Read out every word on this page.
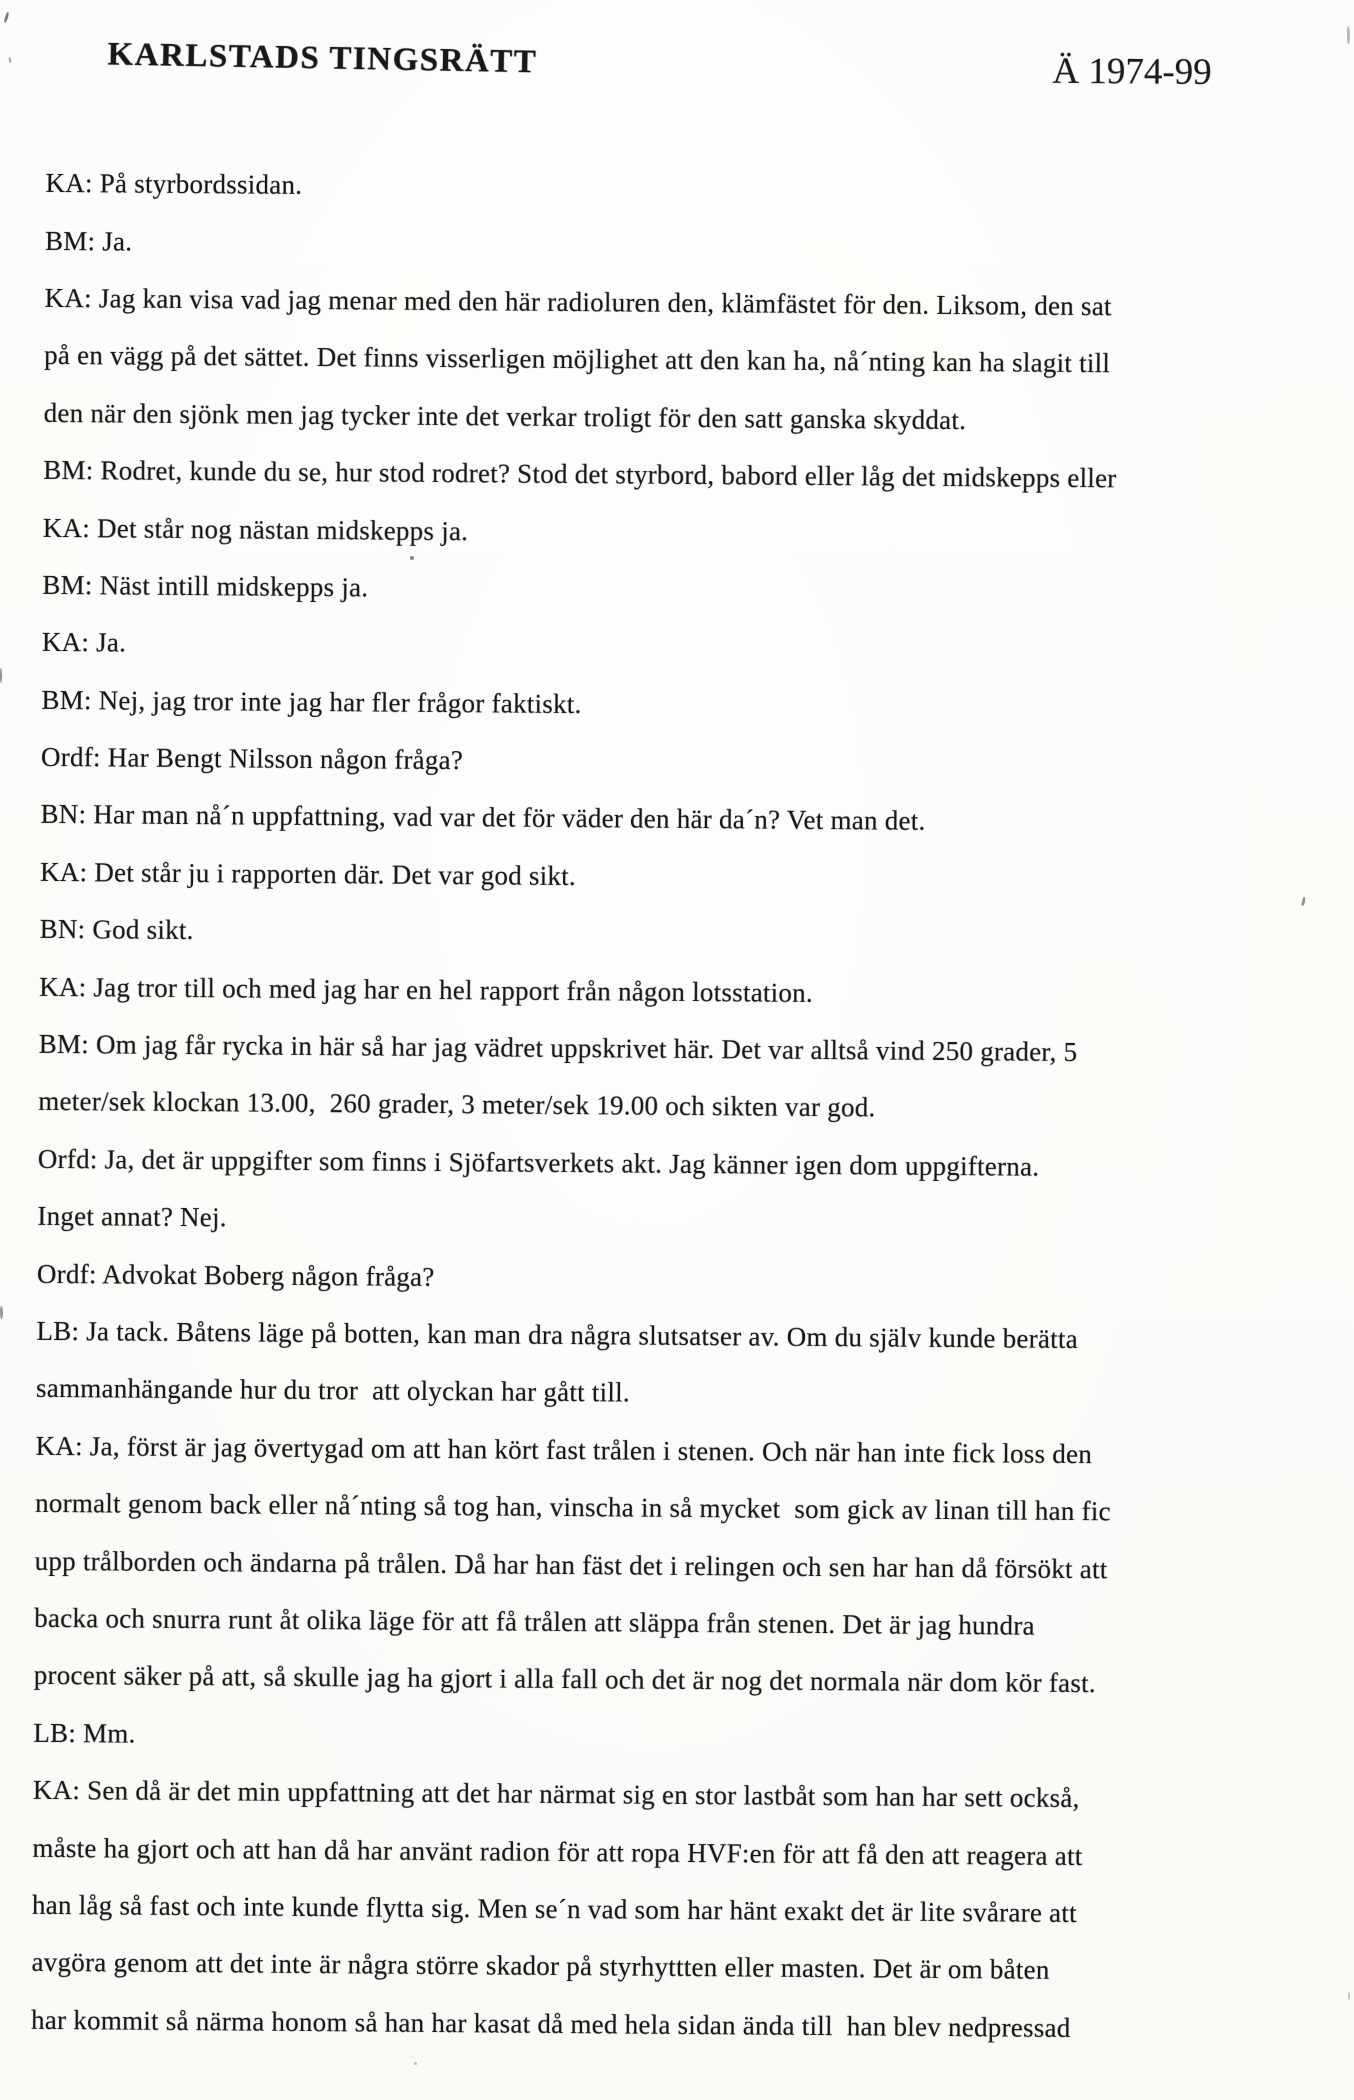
KARLSTADS TINGSRÄTT	Ä 1974-99
KA: På styrbordssidan.
BM: Ja.
KA: Jag kan visa vad jag menar med den här radioluren den, klämfästet för den. Liksom, den sat
på en vägg på det sättet. Det finns visserligen möjlighet att den kan ha, nå´nting kan ha slagit till
den när den sjönk men jag tycker inte det verkar troligt för den satt ganska skyddat.
BM: Rodret, kunde du se, hur stod rodret? Stod det styrbord, babord eller låg det midskepps eller
KA: Det står nog nästan midskepps ja.
BM: Näst intill midskepps ja.
KA: Ja.
BM: Nej, jag tror inte jag har fler frågor faktiskt.
Ordf: Har Bengt Nilsson någon fråga?
BN: Har man nå´n uppfattning, vad var det för väder den här da´n? Vet man det.
KA: Det står ju i rapporten där. Det var god sikt.
BN: God sikt.
KA: Jag tror till och med jag har en hel rapport från någon lotsstation.
BM: Om jag får rycka in här så har jag vädret uppskrivet här. Det var alltså vind 250 grader, 5
meter/sek klockan 13.00,  260 grader, 3 meter/sek 19.00 och sikten var god.
Orfd: Ja, det är uppgifter som finns i Sjöfartsverkets akt. Jag känner igen dom uppgifterna.
Inget annat? Nej.
Ordf: Advokat Boberg någon fråga?
LB: Ja tack. Båtens läge på botten, kan man dra några slutsatser av. Om du själv kunde berätta
sammanhängande hur du tror  att olyckan har gått till.
KA: Ja, först är jag övertygad om att han kört fast trålen i stenen. Och när han inte fick loss den
normalt genom back eller nå´nting så tog han, vinscha in så mycket  som gick av linan till han fic
upp trålborden och ändarna på trålen. Då har han fäst det i relingen och sen har han då försökt att
backa och snurra runt åt olika läge för att få trålen att släppa från stenen. Det är jag hundra
procent säker på att, så skulle jag ha gjort i alla fall och det är nog det normala när dom kör fast.
LB: Mm.
KA: Sen då är det min uppfattning att det har närmat sig en stor lastbåt som han har sett också,
måste ha gjort och att han då har använt radion för att ropa HVF:en för att få den att reagera att
han låg så fast och inte kunde flytta sig. Men se´n vad som har hänt exakt det är lite svårare att
avgöra genom att det inte är några större skador på styrhyttten eller masten. Det är om båten
har kommit så närma honom så han har kasat då med hela sidan ända till  han blev nedpressad
